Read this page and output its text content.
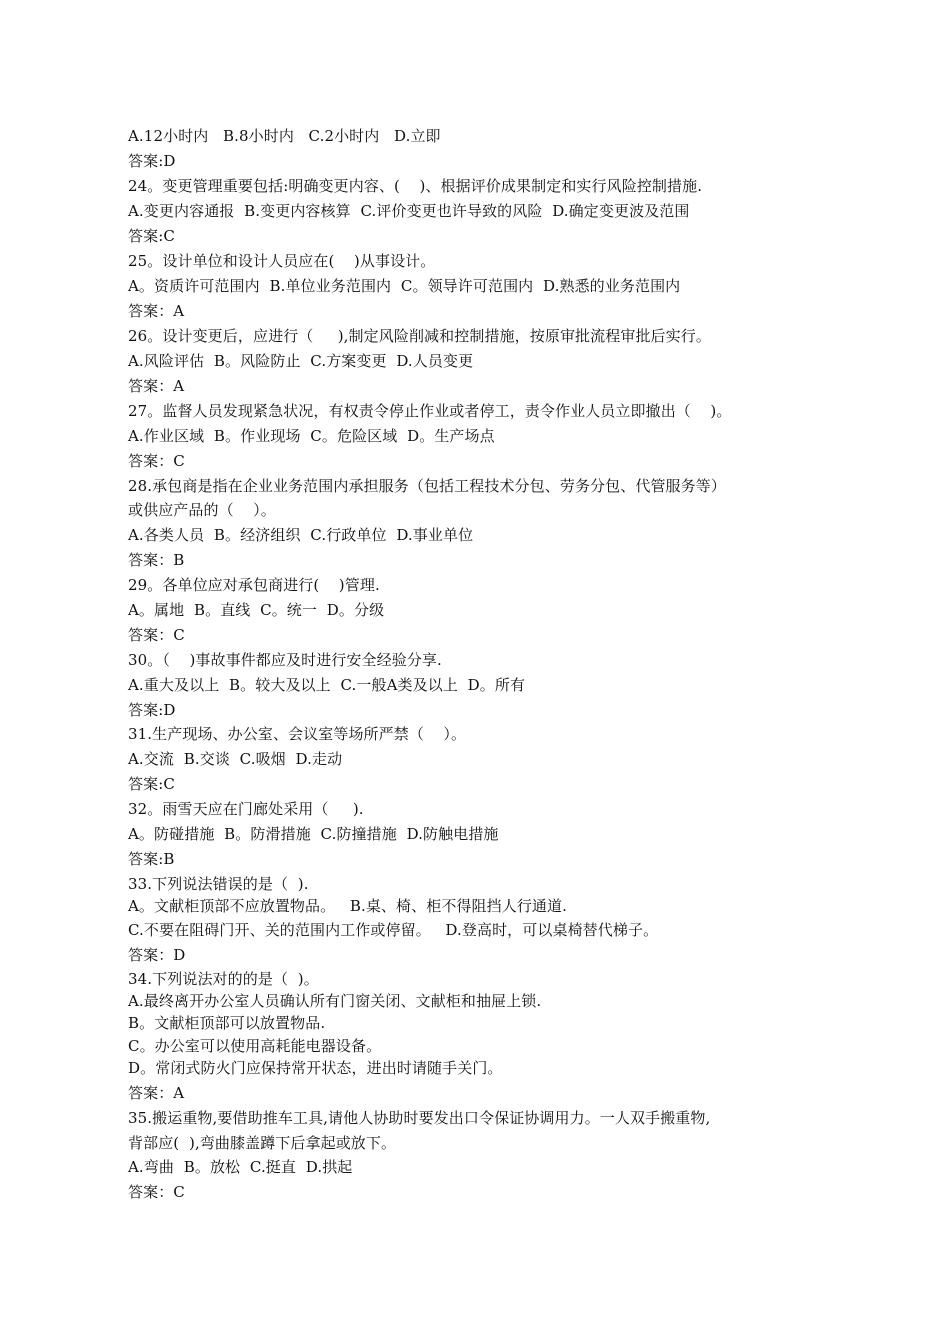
A.12小时内   B.8小时内   C.2小时内   D.立即
答案:D
24。变更管理重要包括:明确变更内容、(    )、根据评价成果制定和实行风险控制措施.
A.变更内容通报  B.变更内容核算  C.评价变更也许导致的风险  D.确定变更波及范围
答案:C
25。设计单位和设计人员应在(    )从事设计。
A。资质许可范围内  B.单位业务范围内  C。领导许可范围内  D.熟悉的业务范围内
答案：A
26。设计变更后，应进行（     ),制定风险削减和控制措施，按原审批流程审批后实行。
A.风险评估  B。风险防止  C.方案变更  D.人员变更
答案：A
27。监督人员发现紧急状况，有权责令停止作业或者停工，责令作业人员立即撤出（    )。
A.作业区域  B。作业现场  C。危险区域  D。生产场点
答案：C
28.承包商是指在企业业务范围内承担服务（包括工程技术分包、劳务分包、代管服务等）
或供应产品的（    ）。
A.各类人员  B。经济组织  C.行政单位  D.事业单位
答案：B
29。各单位应对承包商进行(    )管理.
A。属地  B。直线  C。统一  D。分级
答案：C
30。（    )事故事件都应及时进行安全经验分享.
A.重大及以上  B。较大及以上  C.一般A类及以上  D。所有
答案:D
31.生产现场、办公室、会议室等场所严禁（    ）。
A.交流  B.交谈  C.吸烟  D.走动
答案:C
32。雨雪天应在门廊处采用（     ).
A。防碰措施  B。防滑措施  C.防撞措施  D.防触电措施
答案:B
33.下列说法错误的是（  ).
A。文献柜顶部不应放置物品。   B.桌、椅、柜不得阻挡人行通道.
C.不要在阻碍门开、关的范围内工作或停留。   D.登高时，可以桌椅替代梯子。
答案：D
34.下列说法对的的是（  )。
A.最终离开办公室人员确认所有门窗关闭、文献柜和抽屉上锁.
B。文献柜顶部可以放置物品.
C。办公室可以使用高耗能电器设备。
D。常闭式防火门应保持常开状态，进出时请随手关门。
答案：A
35.搬运重物,要借助推车工具,请他人协助时要发出口令保证协调用力。一人双手搬重物,
背部应(  ),弯曲膝盖蹲下后拿起或放下。
A.弯曲  B。放松  C.挺直  D.拱起
答案：C
